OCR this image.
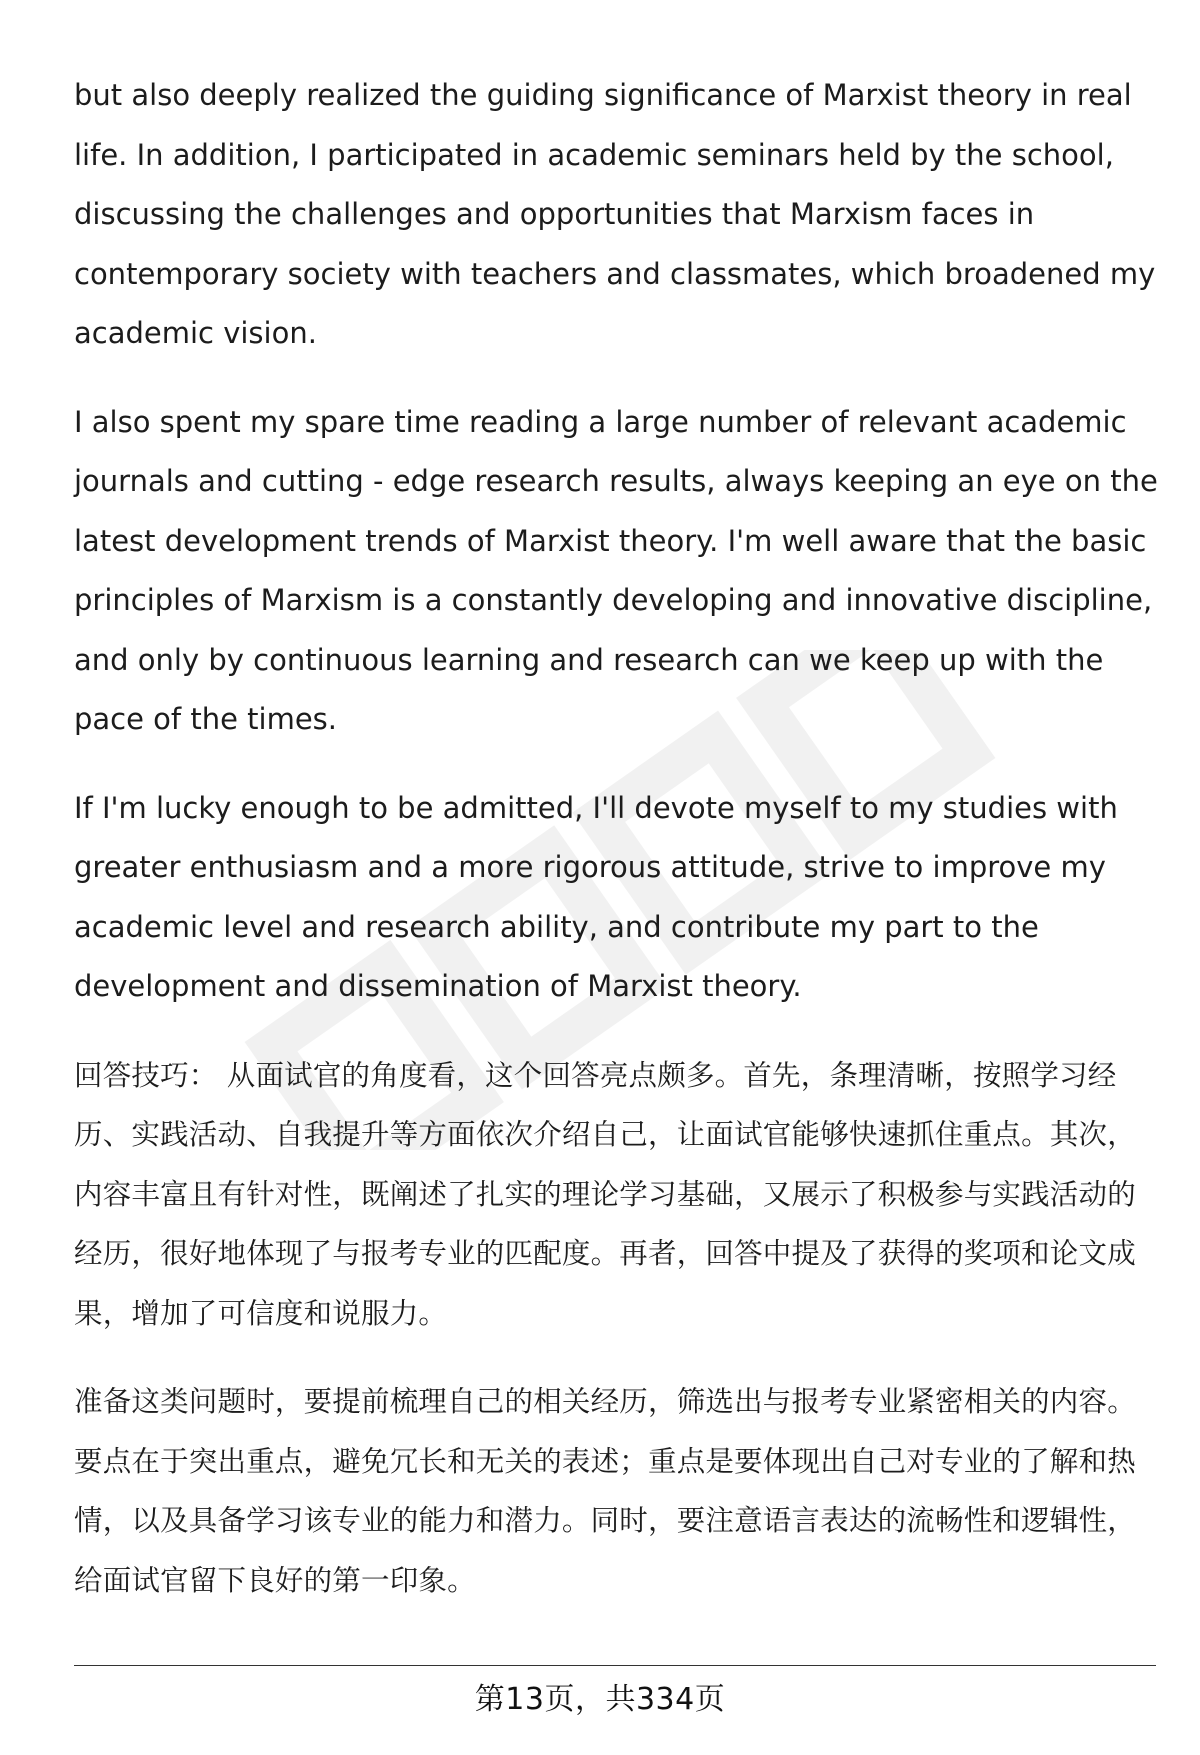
but also deeply realized the guiding significance of Marxist theory in real life. In addition, I participated in academic seminars held by the school, discussing the challenges and opportunities that Marxism faces in contemporary society with teachers and classmates, which broadened my academic vision.

I also spent my spare time reading a large number of relevant academic journals and cutting - edge research results, always keeping an eye on the latest development trends of Marxist theory. I'm well aware that the basic principles of Marxism is a constantly developing and innovative discipline, and only by continuous learning and research can we keep up with the pace of the times.

If I'm lucky enough to be admitted, I'll devote myself to my studies with greater enthusiasm and a more rigorous attitude, strive to improve my academic level and research ability, and contribute my part to the development and dissemination of Marxist theory.

回答技巧： 从面试官的角度看，这个回答亮点颇多。首先，条理清晰，按照学习经历、实践活动、自我提升等方面依次介绍自己，让面试官能够快速抓住重点。其次，内容丰富且有针对性，既阐述了扎实的理论学习基础，又展示了积极参与实践活动的经历，很好地体现了与报考专业的匹配度。再者，回答中提及了获得的奖项和论文成果，增加了可信度和说服力。

准备这类问题时，要提前梳理自己的相关经历，筛选出与报考专业紧密相关的内容。要点在于突出重点，避免冗长和无关的表述；重点是要体现出自己对专业的了解和热情，以及具备学习该专业的能力和潜力。同时，要注意语言表达的流畅性和逻辑性，给面试官留下良好的第一印象。

第13页，共334页
